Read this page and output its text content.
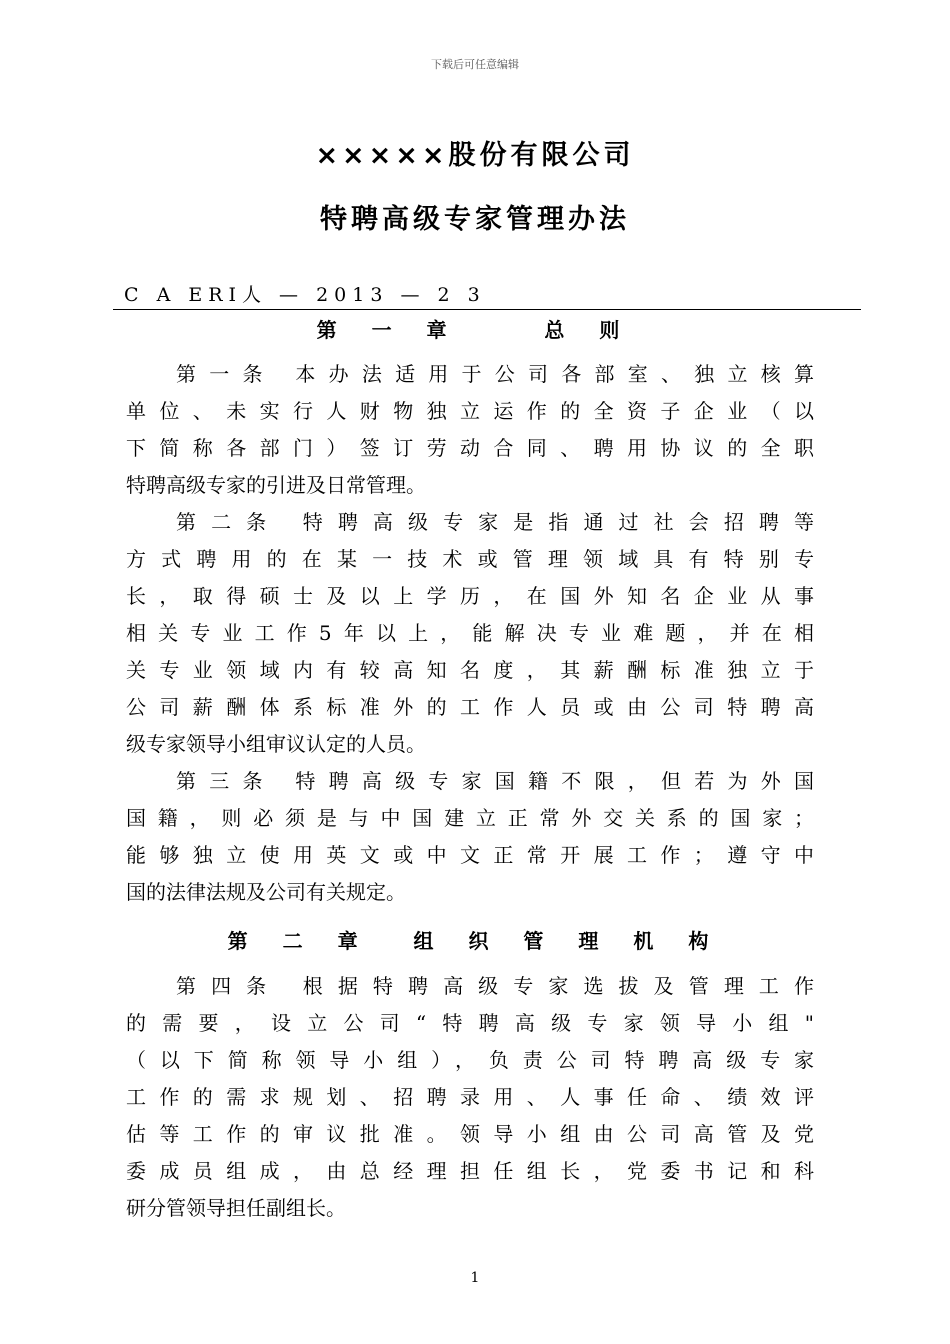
下载后可任意编辑
×××××股份有限公司
特聘高级专家管理办法
C A ERI人 — 2013 — 2 3
第 一 章    总 则
第一条 本办法适用于公司各部室、独立核算
单位、未实行人财物独立运作的全资子企业（以
下简称各部门）签订劳动合同、聘用协议的全职
特聘高级专家的引进及日常管理。
第二条 特聘高级专家是指通过社会招聘等
方式聘用的在某一技术或管理领域具有特别专
长，取得硕士及以上学历，在国外知名企业从事
相关专业工作5年以上，能解决专业难题，并在相
关专业领域内有较高知名度，其薪酬标准独立于
公司薪酬体系标准外的工作人员或由公司特聘高
级专家领导小组审议认定的人员。
第三条 特聘高级专家国籍不限，但若为外国
国籍，则必须是与中国建立正常外交关系的国家；
能够独立使用英文或中文正常开展工作；遵守中
国的法律法规及公司有关规定。
第 二 章  组 织 管 理 机 构
第四条 根据特聘高级专家选拔及管理工作
的需要，设立公司“特聘高级专家领导小组"
（以下简称领导小组），负责公司特聘高级专家
工作的需求规划、招聘录用、人事任命、绩效评
估等工作的审议批准。领导小组由公司高管及党
委成员组成，由总经理担任组长，党委书记和科
研分管领导担任副组长。
1
